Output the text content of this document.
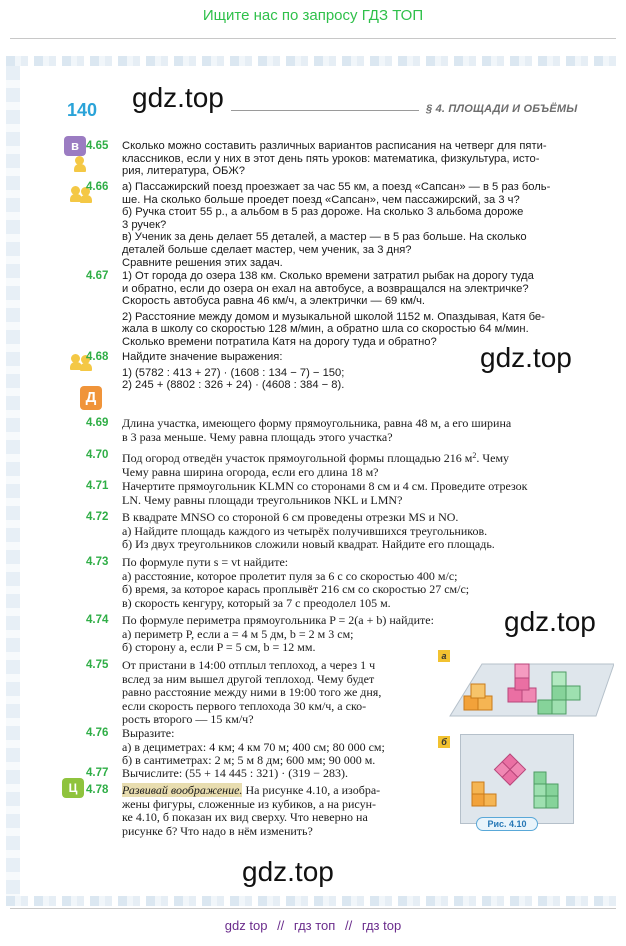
Ищите нас по запросу ГДЗ ТОП
140 gdz.top	§ 4. ПЛОЩАДИ И ОБЪЁМЫ
в
Д
Ц
4.65 Сколько можно составить различных вариантов расписания на четверг для пяти-
классников, если у них в этот день пять уроков: математика, физкультура, исто-
рия, литература, ОБЖ?
4.66 а) Пассажирский поезд проезжает за час 55 км, а поезд «Сапсан» — в 5 раз боль-
ше. На сколько больше проедет поезд «Сапсан», чем пассажирский, за 3 ч?
б) Ручка стоит 55 р., а альбом в 5 раз дороже. На сколько 3 альбома дороже
3 ручек?
в) Ученик за день делает 55 деталей, а мастер — в 5 раз больше. На сколько
деталей больше сделает мастер, чем ученик, за 3 дня?
Сравните решения этих задач.
4.67 1) От города до озера 138 км. Сколько времени затратил рыбак на дорогу туда
и обратно, если до озера он ехал на автобусе, а возвращался на электричке?
Скорость автобуса равна 46 км/ч, а электрички — 69 км/ч.
2) Расстояние между домом и музыкальной школой 1152 м. Опаздывая, Катя бе-
жала в школу со скоростью 128 м/мин, а обратно шла со скоростью 64 м/мин.
Сколько времени потратила Катя на дорогу туда и обратно?
gdz.top
4.68 Найдите значение выражения:
1) (5782 : 413 + 27) · (1608 : 134 − 7) − 150;
2) 245 + (8802 : 326 + 24) · (4608 : 384 − 8).
4.69 Длина участка, имеющего форму прямоугольника, равна 48 м, а его ширина
в 3 раза меньше. Чему равна площадь этого участка?
4.70 Под огород отведён участок прямоугольной формы площадью 216 $м^2$. Чему
Чему равна ширина огорода, если его длина 18 м?
4.71 Начертите прямоугольник KLMN со сторонами 8 см и 4 см. Проведите отрезок
LN. Чему равны площади треугольников NKL и LMN?
4.72 В квадрате MNSO со стороной 6 см проведены отрезки MS и NO.
а) Найдите площадь каждого из четырёх получившихся треугольников.
б) Из двух треугольников сложили новый квадрат. Найдите его площадь.
4.73 По формуле пути s = vt найдите:
а) расстояние, которое пролетит пуля за 6 с со скоростью 400 м/с;
б) время, за которое карась проплывёт 216 см со скоростью 27 см/с;
в) скорость кенгуру, который за 7 с преодолел 105 м.
gdz.top
4.74 По формуле периметра прямоугольника P = 2(a + b) найдите:
а) периметр P, если a = 4 м 5 дм, b = 2 м 3 см;
б) сторону a, если P = 5 см, b = 12 мм.
4.75 От пристани в 14:00 отплыл теплоход, а через 1 ч
вслед за ним вышел другой теплоход. Чему будет
равно расстояние между ними в 19:00 того же дня,
если скорость первого теплохода 30 км/ч, а ско-
рость второго — 15 км/ч?
4.76 Выразите:
а) в дециметрах: 4 км; 4 км 70 м; 400 см; 80 000 см;
б) в сантиметрах: 2 м; 5 м 8 дм; 600 мм; 90 000 м.
4.77 Вычислите: (55 + 14 445 : 321) · (319 − 283).
4.78 Развивай воображение. На рисунке 4.10, а изобра-
жены фигуры, сложенные из кубиков, а на рисун-
ке 4.10, б показан их вид сверху. Что неверно на
рисунке б? Что надо в нём изменить?
а
б
Рис. 4.10
gdz.top
gdz top // гдз топ // гдз top
